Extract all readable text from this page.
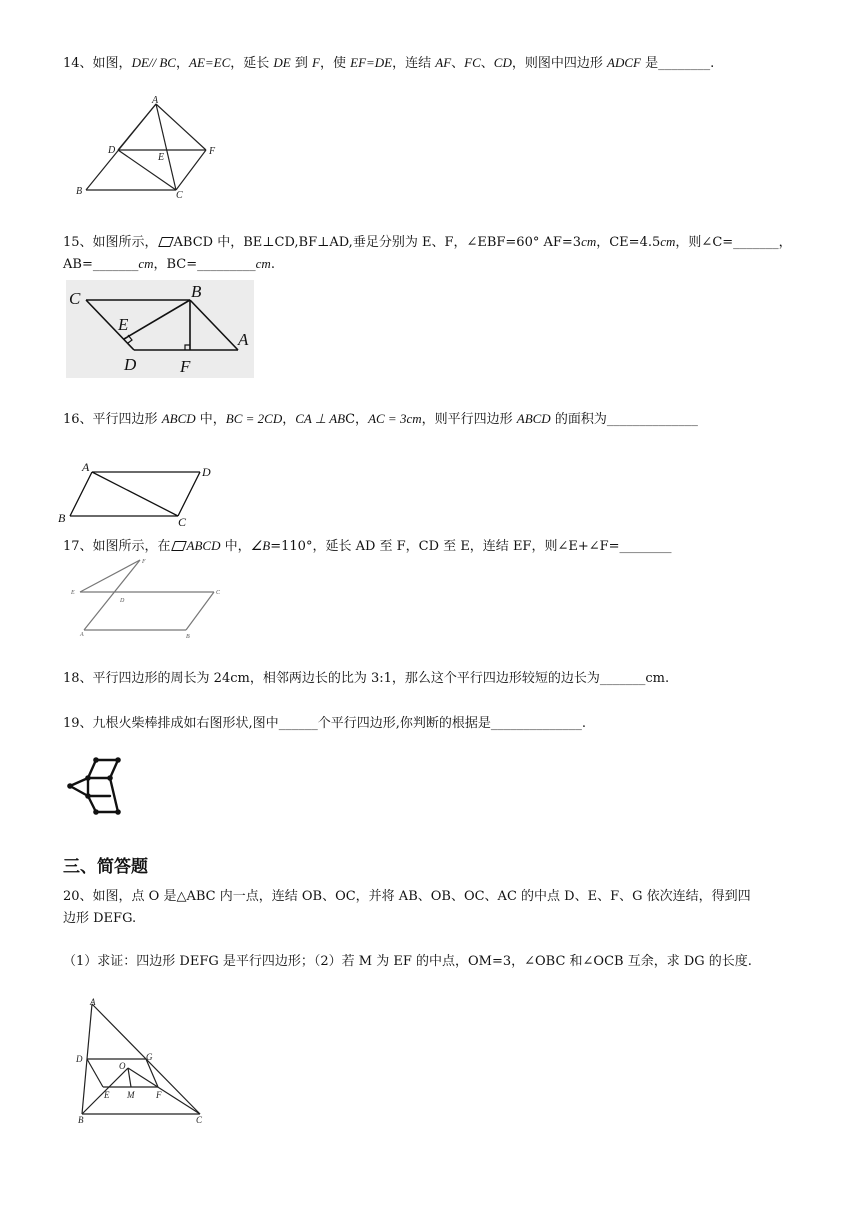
14、如图，DE// BC，AE=EC，延长 DE 到 F，使 EF=DE，连结 AF、FC、CD，则图中四边形 ADCF 是________.
A
D
E
F
B	C
15、如图所示， ABCD 中，BE⊥CD,BF⊥AD,垂足分别为 E、F，∠EBF=60° AF=3cm，CE=4.5cm，则∠C=_______，
AB=_______cm，BC=_________cm.
C	B
E
D	F
A
16、平行四边形 ABCD 中，BC = 2CD，CA ⊥ ABC，AC = 3cm，则平行四边形 ABCD 的面积为______________
A	D
B	C
17、如图所示，在 ABCD 中，∠B=110°，延长 AD 至 F，CD 至 E，连结 EF，则∠E+∠F=________
F
E
D
C
A	B
18、平行四边形的周长为 24cm，相邻两边长的比为 3:1，那么这个平行四边形较短的边长为_______cm.
19、九根火柴棒排成如右图形状,图中______个平行四边形,你判断的根据是______________.
三、简答题
20、如图，点 O 是△ABC 内一点，连结 OB、OC，并将 AB、OB、OC、AC 的中点 D、E、F、G 依次连结，得到四
边形 DEFG.
（1）求证：四边形 DEFG 是平行四边形；（2）若 M 为 EF 的中点，OM=3，∠OBC 和∠OCB 互余，求 DG 的长度.
A
D	G
O
E M F
B	C
